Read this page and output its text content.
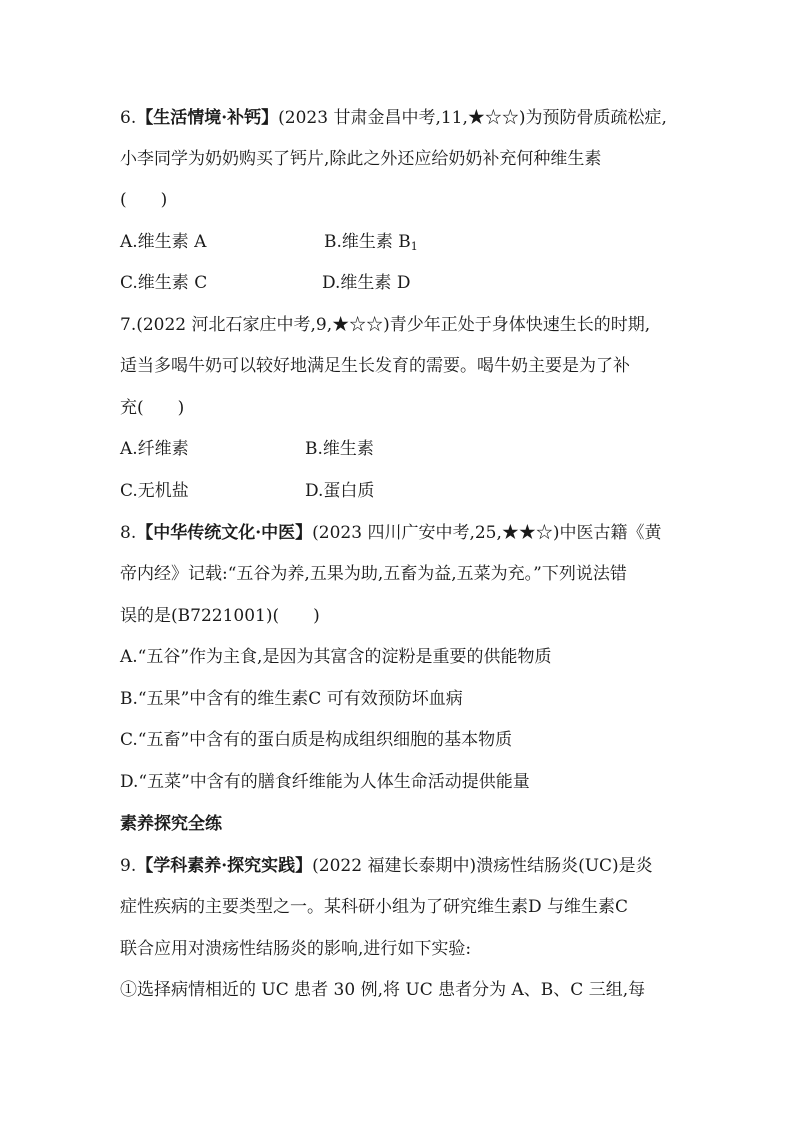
6.【生活情境·补钙】(2023 甘肃金昌中考,11,★☆☆)为预防骨质疏松症,
小李同学为奶奶购买了钙片,除此之外还应给奶奶补充何种维生素
(　　)
A.维生素 A	B.维生素 $B_1$
C.维生素 C	D.维生素 D
7.(2022 河北石家庄中考,9,★☆☆)青少年正处于身体快速生长的时期,
适当多喝牛奶可以较好地满足生长发育的需要。喝牛奶主要是为了补
充(　　)
A.纤维素	B.维生素
C.无机盐	D.蛋白质
8.【中华传统文化·中医】(2023 四川广安中考,25,★★☆)中医古籍《黄
帝内经》记载:“五谷为养,五果为助,五畜为益,五菜为充。”下列说法错
误的是(B7221001)(　　)
A.“五谷”作为主食,是因为其富含的淀粉是重要的供能物质
B.“五果”中含有的维生素C 可有效预防坏血病
C.“五畜”中含有的蛋白质是构成组织细胞的基本物质
D.“五菜”中含有的膳食纤维能为人体生命活动提供能量
素养探究全练
9.【学科素养·探究实践】(2022 福建长泰期中)溃疡性结肠炎(UC)是炎
症性疾病的主要类型之一。某科研小组为了研究维生素D 与维生素C
联合应用对溃疡性结肠炎的影响,进行如下实验:
①选择病情相近的 UC 患者 30 例,将 UC 患者分为 A、B、C 三组,每
